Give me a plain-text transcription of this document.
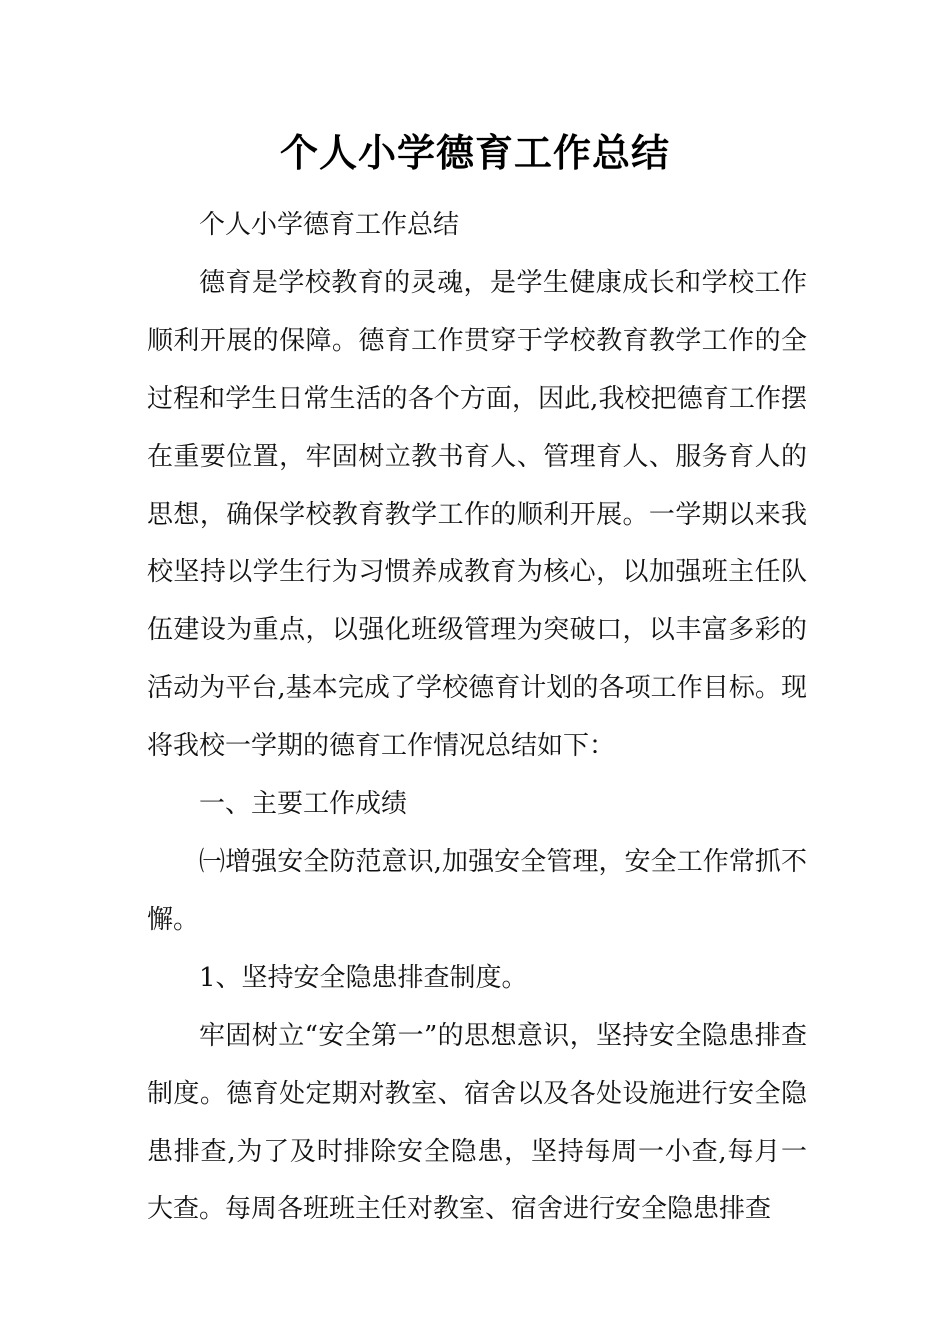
个人小学德育工作总结

个人小学德育工作总结

德育是学校教育的灵魂，是学生健康成长和学校工作顺利开展的保障。德育工作贯穿于学校教育教学工作的全过程和学生日常生活的各个方面，因此,我校把德育工作摆在重要位置，牢固树立教书育人、管理育人、服务育人的思想，确保学校教育教学工作的顺利开展。一学期以来我校坚持以学生行为习惯养成教育为核心，以加强班主任队伍建设为重点，以强化班级管理为突破口，以丰富多彩的活动为平台,基本完成了学校德育计划的各项工作目标。现将我校一学期的德育工作情况总结如下：

一、主要工作成绩

㈠增强安全防范意识,加强安全管理，安全工作常抓不懈。

1、坚持安全隐患排查制度。

牢固树立“安全第一”的思想意识，坚持安全隐患排查制度。德育处定期对教室、宿舍以及各处设施进行安全隐患排查,为了及时排除安全隐患，坚持每周一小查,每月一大查。每周各班班主任对教室、宿舍进行安全隐患排查
